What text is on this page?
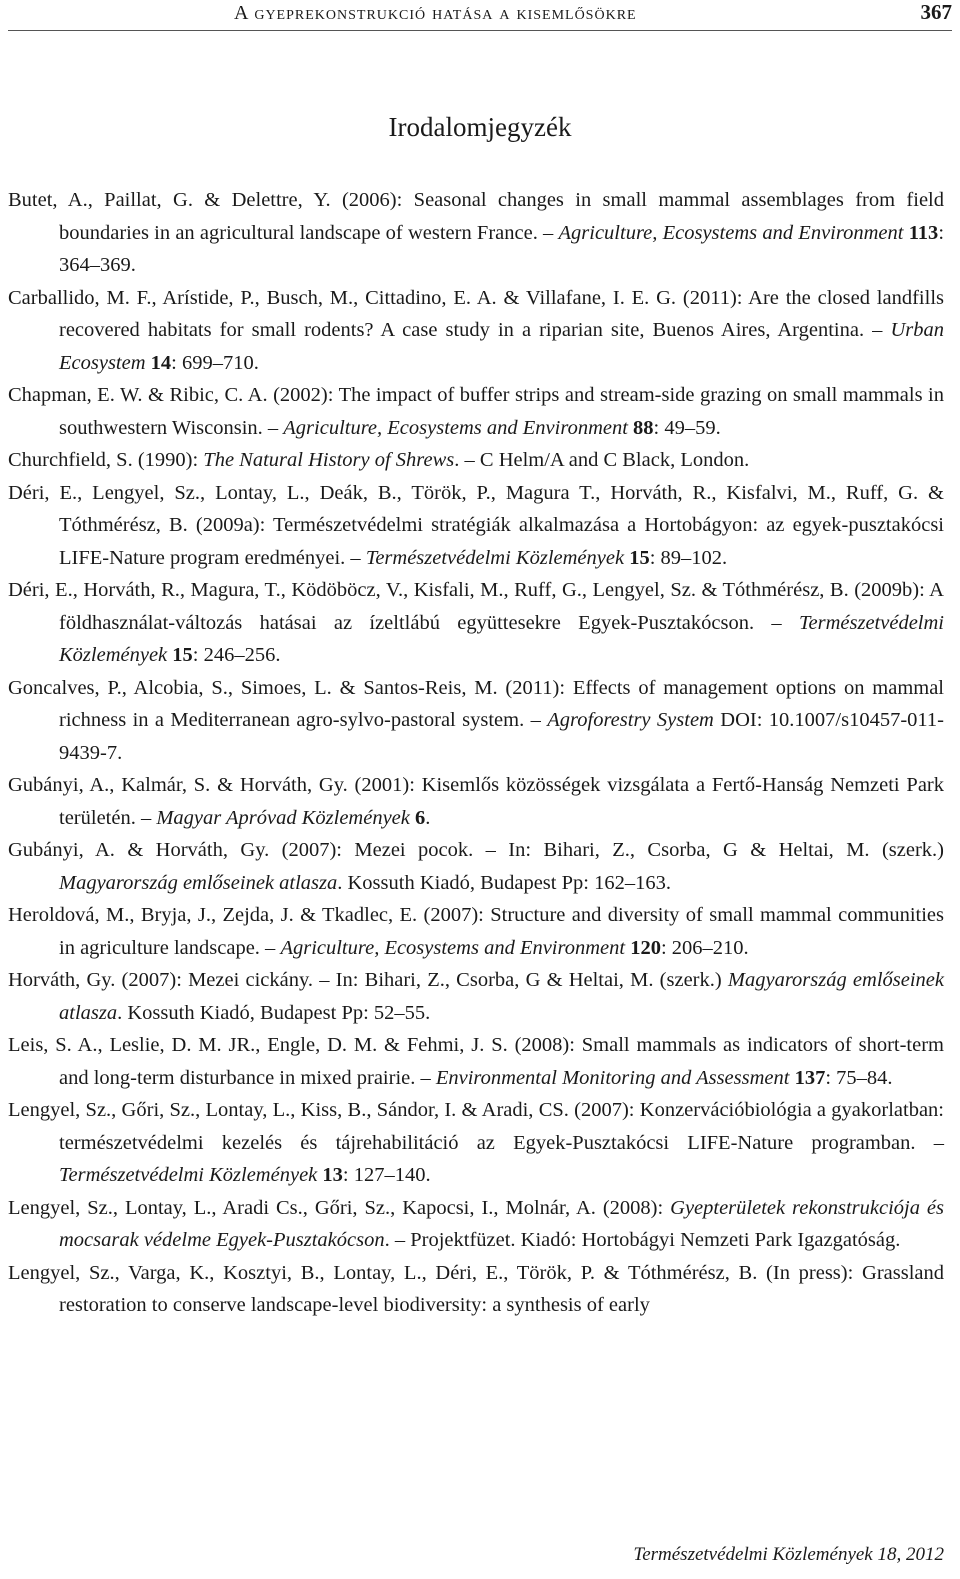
A gyeprekonstrukció hatása a kisemlősökre	367
Irodalomjegyzék
Butet, A., Paillat, G. & Delettre, Y. (2006): Seasonal changes in small mammal assemblages from field boundaries in an agricultural landscape of western France. – Agriculture, Ecosystems and Environment 113: 364–369.
Carballido, M. F., Arístide, P., Busch, M., Cittadino, E. A. & Villafane, I. E. G. (2011): Are the closed landfills recovered habitats for small rodents? A case study in a riparian site, Buenos Aires, Argentina. – Urban Ecosystem 14: 699–710.
Chapman, E. W. & Ribic, C. A. (2002): The impact of buffer strips and stream-side grazing on small mammals in southwestern Wisconsin. – Agriculture, Ecosystems and Environment 88: 49–59.
Churchfield, S. (1990): The Natural History of Shrews. – C Helm/A and C Black, London.
Déri, E., Lengyel, Sz., Lontay, L., Deák, B., Török, P., Magura T., Horváth, R., Kisfalvi, M., Ruff, G. & Tóthmérész, B. (2009a): Természetvédelmi stratégiák alkalmazása a Hortobágyon: az egyek-pusztakócsi LIFE-Nature program eredményei. – Természetvédelmi Közlemények 15: 89–102.
Déri, E., Horváth, R., Magura, T., Ködöböcz, V., Kisfali, M., Ruff, G., Lengyel, Sz. & Tóthmérész, B. (2009b): A földhasználat-változás hatásai az ízeltlábú együttesekre Egyek-Pusztakócson. – Természetvédelmi Közlemények 15: 246–256.
Goncalves, P., Alcobia, S., Simoes, L. & Santos-Reis, M. (2011): Effects of management options on mammal richness in a Mediterranean agro-sylvo-pastoral system. – Agroforestry System DOI: 10.1007/s10457-011-9439-7.
Gubányi, A., Kalmár, S. & Horváth, Gy. (2001): Kisemlős közösségek vizsgálata a Fertő-Hanság Nemzeti Park területén. – Magyar Apróvad Közlemények 6.
Gubányi, A. & Horváth, Gy. (2007): Mezei pocok. – In: Bihari, Z., Csorba, G & Heltai, M. (szerk.) Magyarország emlőseinek atlasza. Kossuth Kiadó, Budapest Pp: 162–163.
Heroldová, M., Bryja, J., Zejda, J. & Tkadlec, E. (2007): Structure and diversity of small mammal communities in agriculture landscape. – Agriculture, Ecosystems and Environment 120: 206–210.
Horváth, Gy. (2007): Mezei cickány. – In: Bihari, Z., Csorba, G & Heltai, M. (szerk.) Magyarország emlőseinek atlasza. Kossuth Kiadó, Budapest Pp: 52–55.
Leis, S. A., Leslie, D. M. JR., Engle, D. M. & Fehmi, J. S. (2008): Small mammals as indicators of short-term and long-term disturbance in mixed prairie. – Environmental Monitoring and Assessment 137: 75–84.
Lengyel, Sz., Gőri, Sz., Lontay, L., Kiss, B., Sándor, I. & Aradi, CS. (2007): Konzervációbiológia a gyakorlatban: természetvédelmi kezelés és tájrehabilitáció az Egyek-Pusztakócsi LIFE-Nature programban. – Természetvédelmi Közlemények 13: 127–140.
Lengyel, Sz., Lontay, L., Aradi Cs., Gőri, Sz., Kapocsi, I., Molnár, A. (2008): Gyepterületek rekonstrukciója és mocsarak védelme Egyek-Pusztakócson. – Projektfüzet. Kiadó: Hortobágyi Nemzeti Park Igazgatóság.
Lengyel, Sz., Varga, K., Kosztyi, B., Lontay, L., Déri, E., Török, P. & Tóthmérész, B. (In press): Grassland restoration to conserve landscape-level biodiversity: a synthesis of early
Természetvédelmi Közlemények 18, 2012
